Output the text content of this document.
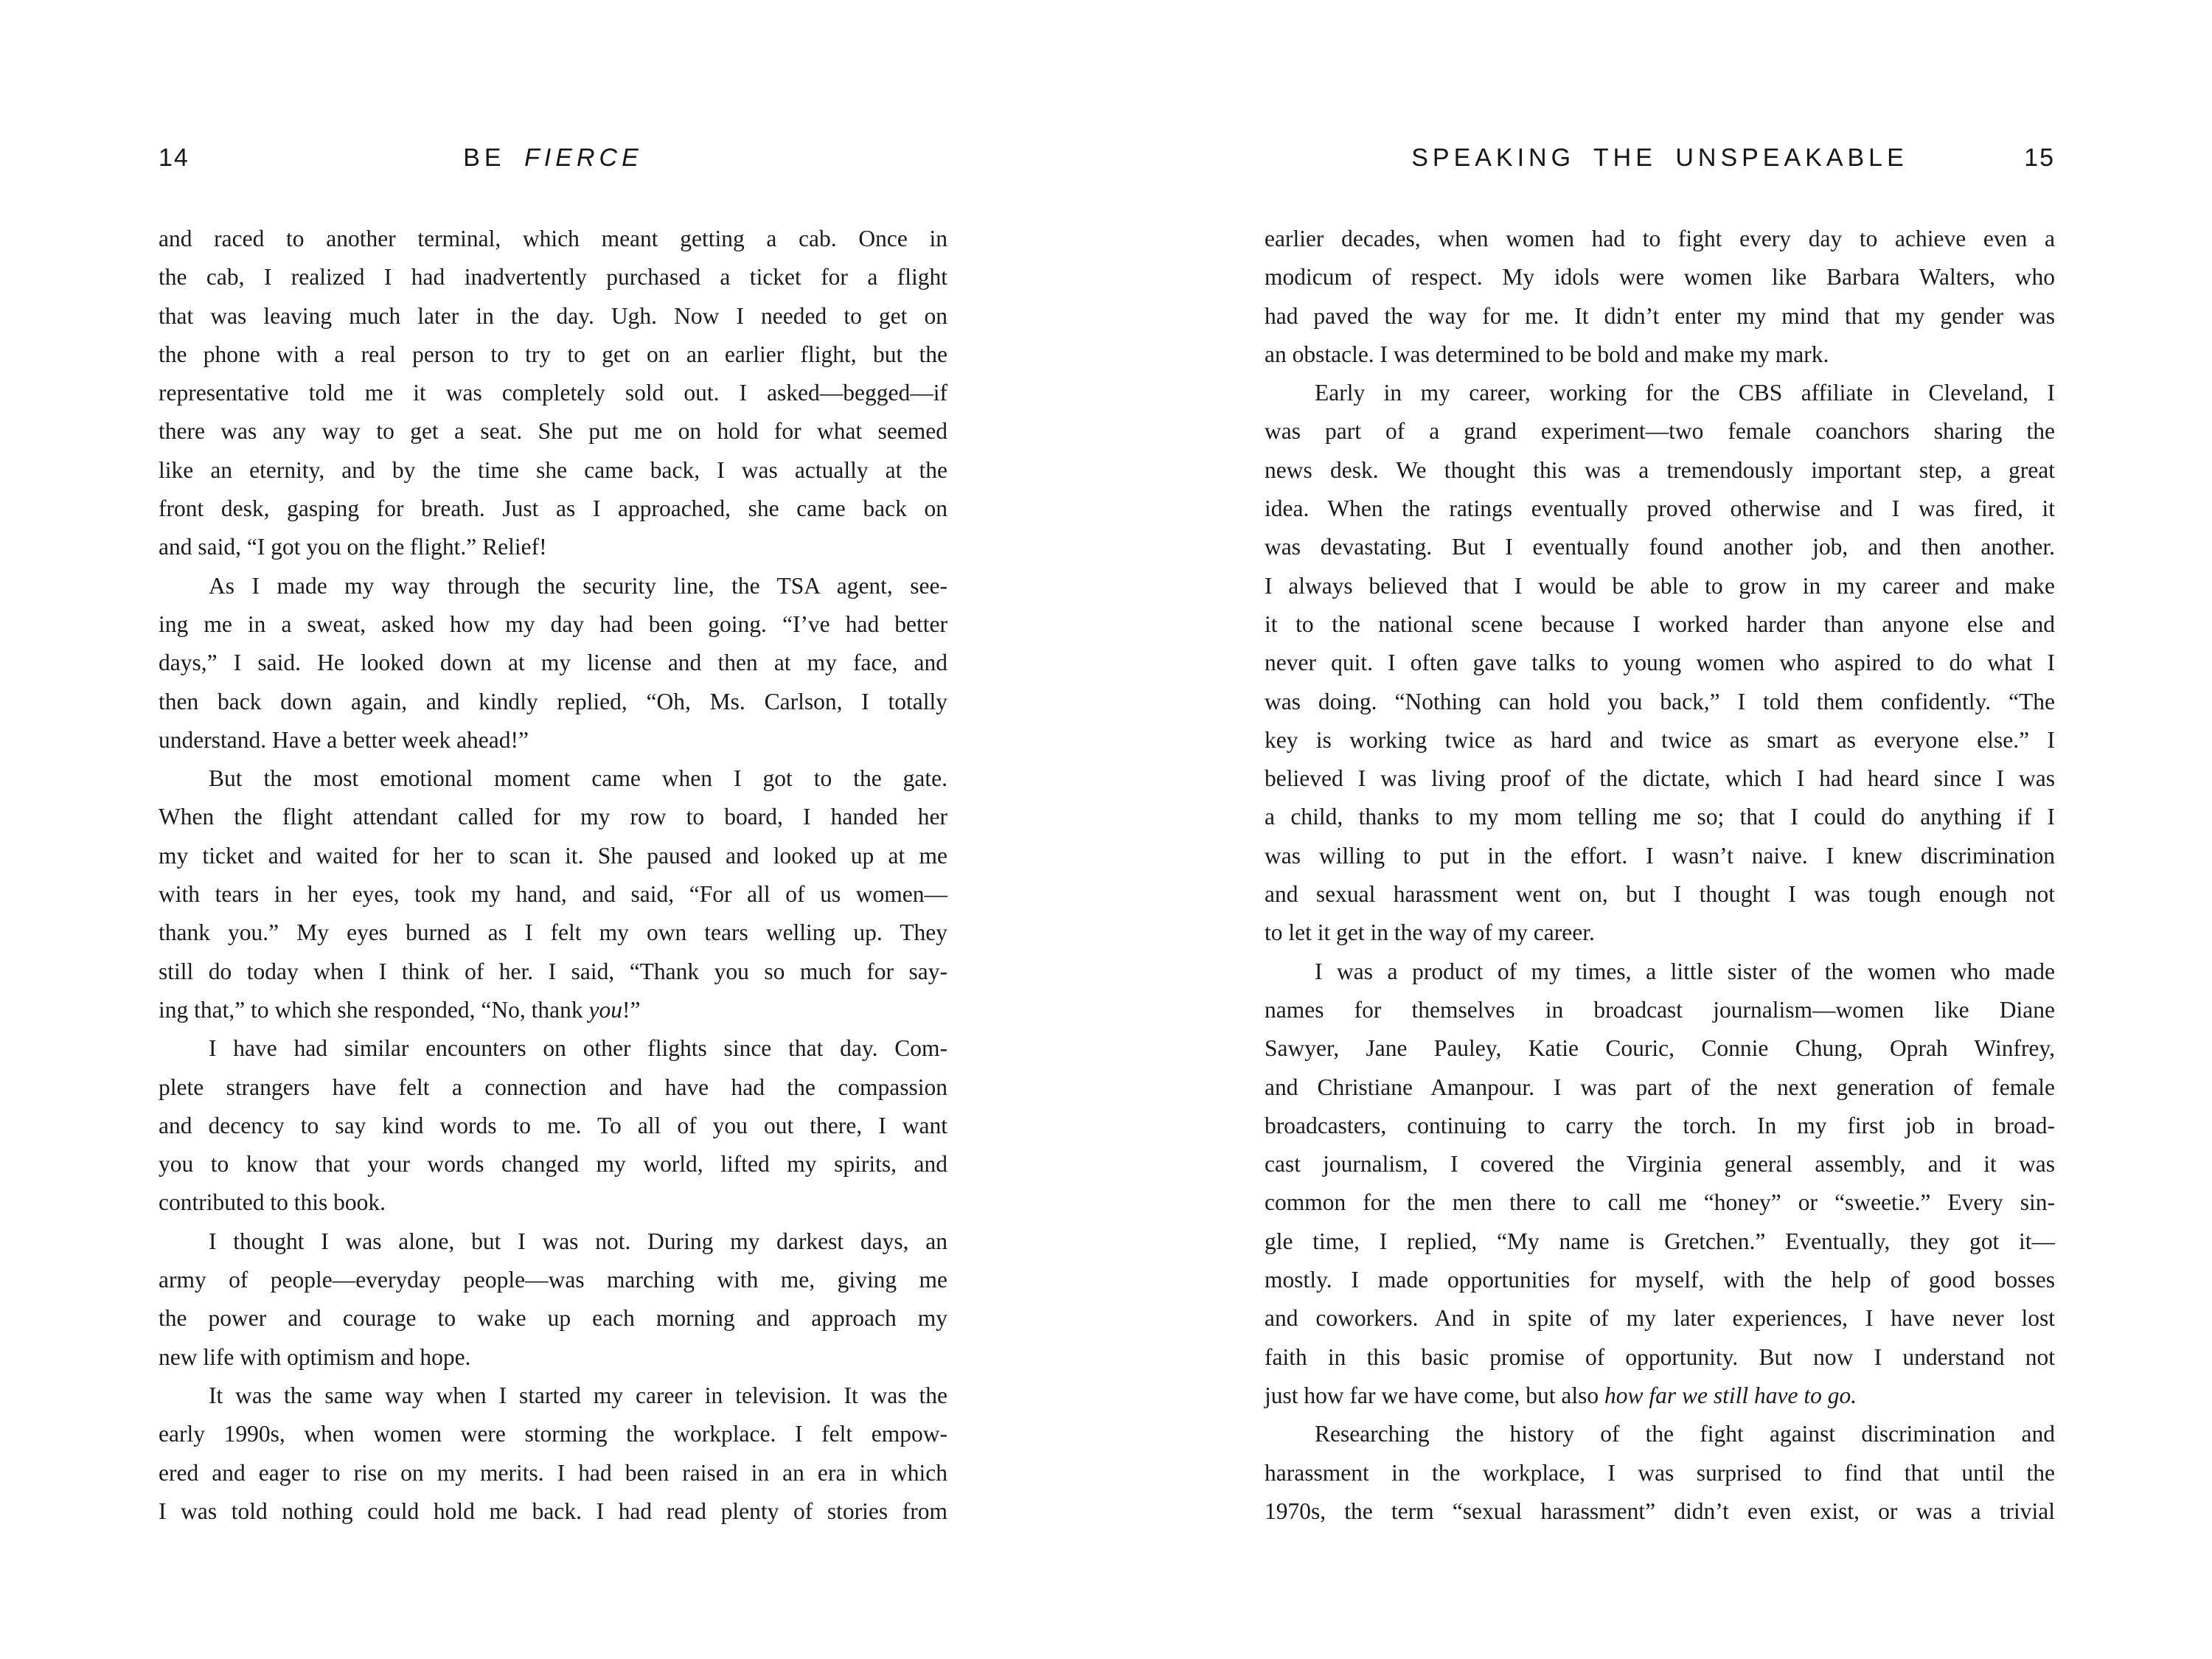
14	BE FIERCE
and raced to another terminal, which meant getting a cab. Once in
the cab, I realized I had inadvertently purchased a ticket for a flight
that was leaving much later in the day. Ugh. Now I needed to get on
the phone with a real person to try to get on an earlier flight, but the
representative told me it was completely sold out. I asked—begged—if
there was any way to get a seat. She put me on hold for what seemed
like an eternity, and by the time she came back, I was actually at the
front desk, gasping for breath. Just as I approached, she came back on
and said, “I got you on the flight.” Relief!
As I made my way through the security line, the TSA agent, see-
ing me in a sweat, asked how my day had been going. “I’ve had better
days,” I said. He looked down at my license and then at my face, and
then back down again, and kindly replied, “Oh, Ms. Carlson, I totally
understand. Have a better week ahead!”
But the most emotional moment came when I got to the gate.
When the flight attendant called for my row to board, I handed her
my ticket and waited for her to scan it. She paused and looked up at me
with tears in her eyes, took my hand, and said, “For all of us women—
thank you.” My eyes burned as I felt my own tears welling up. They
still do today when I think of her. I said, “Thank you so much for say-
ing that,” to which she responded, “No, thank you!”
I have had similar encounters on other flights since that day. Com-
plete strangers have felt a connection and have had the compassion
and decency to say kind words to me. To all of you out there, I want
you to know that your words changed my world, lifted my spirits, and
contributed to this book.
I thought I was alone, but I was not. During my darkest days, an
army of people—everyday people—was marching with me, giving me
the power and courage to wake up each morning and approach my
new life with optimism and hope.
It was the same way when I started my career in television. It was the
early 1990s, when women were storming the workplace. I felt empow-
ered and eager to rise on my merits. I had been raised in an era in which
I was told nothing could hold me back. I had read plenty of stories from
SPEAKING THE UNSPEAKABLE	15
earlier decades, when women had to fight every day to achieve even a
modicum of respect. My idols were women like Barbara Walters, who
had paved the way for me. It didn’t enter my mind that my gender was
an obstacle. I was determined to be bold and make my mark.
Early in my career, working for the CBS affiliate in Cleveland, I
was part of a grand experiment—two female coanchors sharing the
news desk. We thought this was a tremendously important step, a great
idea. When the ratings eventually proved otherwise and I was fired, it
was devastating. But I eventually found another job, and then another.
I always believed that I would be able to grow in my career and make
it to the national scene because I worked harder than anyone else and
never quit. I often gave talks to young women who aspired to do what I
was doing. “Nothing can hold you back,” I told them confidently. “The
key is working twice as hard and twice as smart as everyone else.” I
believed I was living proof of the dictate, which I had heard since I was
a child, thanks to my mom telling me so; that I could do anything if I
was willing to put in the effort. I wasn’t naive. I knew discrimination
and sexual harassment went on, but I thought I was tough enough not
to let it get in the way of my career.
I was a product of my times, a little sister of the women who made
names for themselves in broadcast journalism—women like Diane
Sawyer, Jane Pauley, Katie Couric, Connie Chung, Oprah Winfrey,
and Christiane Amanpour. I was part of the next generation of female
broadcasters, continuing to carry the torch. In my first job in broad-
cast journalism, I covered the Virginia general assembly, and it was
common for the men there to call me “honey” or “sweetie.” Every sin-
gle time, I replied, “My name is Gretchen.” Eventually, they got it—
mostly. I made opportunities for myself, with the help of good bosses
and coworkers. And in spite of my later experiences, I have never lost
faith in this basic promise of opportunity. But now I understand not
just how far we have come, but also how far we still have to go.
Researching the history of the fight against discrimination and
harassment in the workplace, I was surprised to find that until the
1970s, the term “sexual harassment” didn’t even exist, or was a trivial
